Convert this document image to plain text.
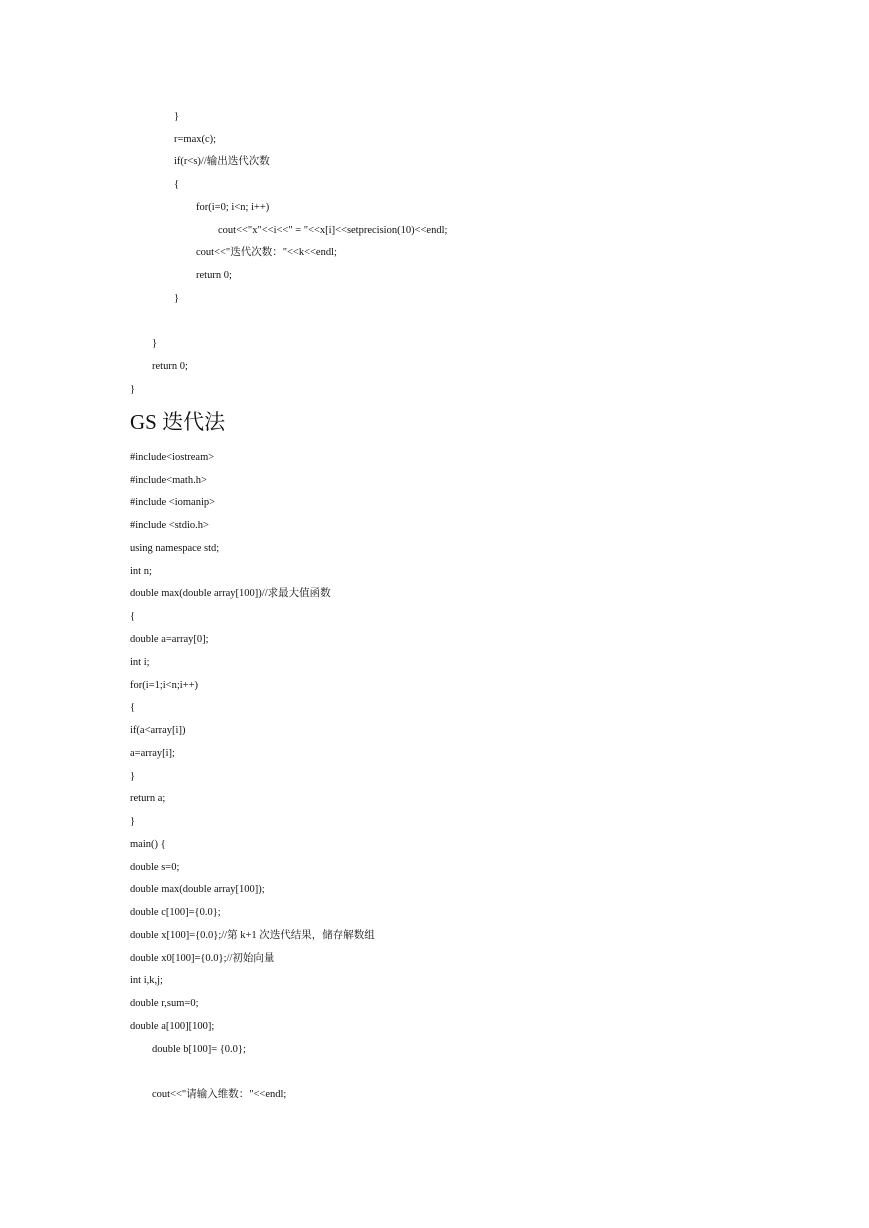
}
r=max(c);
if(r<s)//输出迭代次数
{
for(i=0; i<n; i++)
cout<<"x"<<i<<" = "<<x[i]<<setprecision(10)<<endl;
cout<<"迭代次数："<<k<<endl;
return 0;
}
}
return 0;
}
GS 迭代法
#include<iostream>
#include<math.h>
#include <iomanip>
#include <stdio.h>
using namespace std;
int n;
double max(double array[100])//求最大值函数
{
double a=array[0];
int i;
for(i=1;i<n;i++)
{
if(a<array[i])
a=array[i];
}
return a;
}
main() {
double s=0;
double max(double array[100]);
double c[100]={0.0};
double x[100]={0.0};//第 k+1 次迭代结果，储存解数组
double x0[100]={0.0};//初始向量
int i,k,j;
double r,sum=0;
double a[100][100];
double b[100]= {0.0};
cout<<"请输入维数："<<endl;
